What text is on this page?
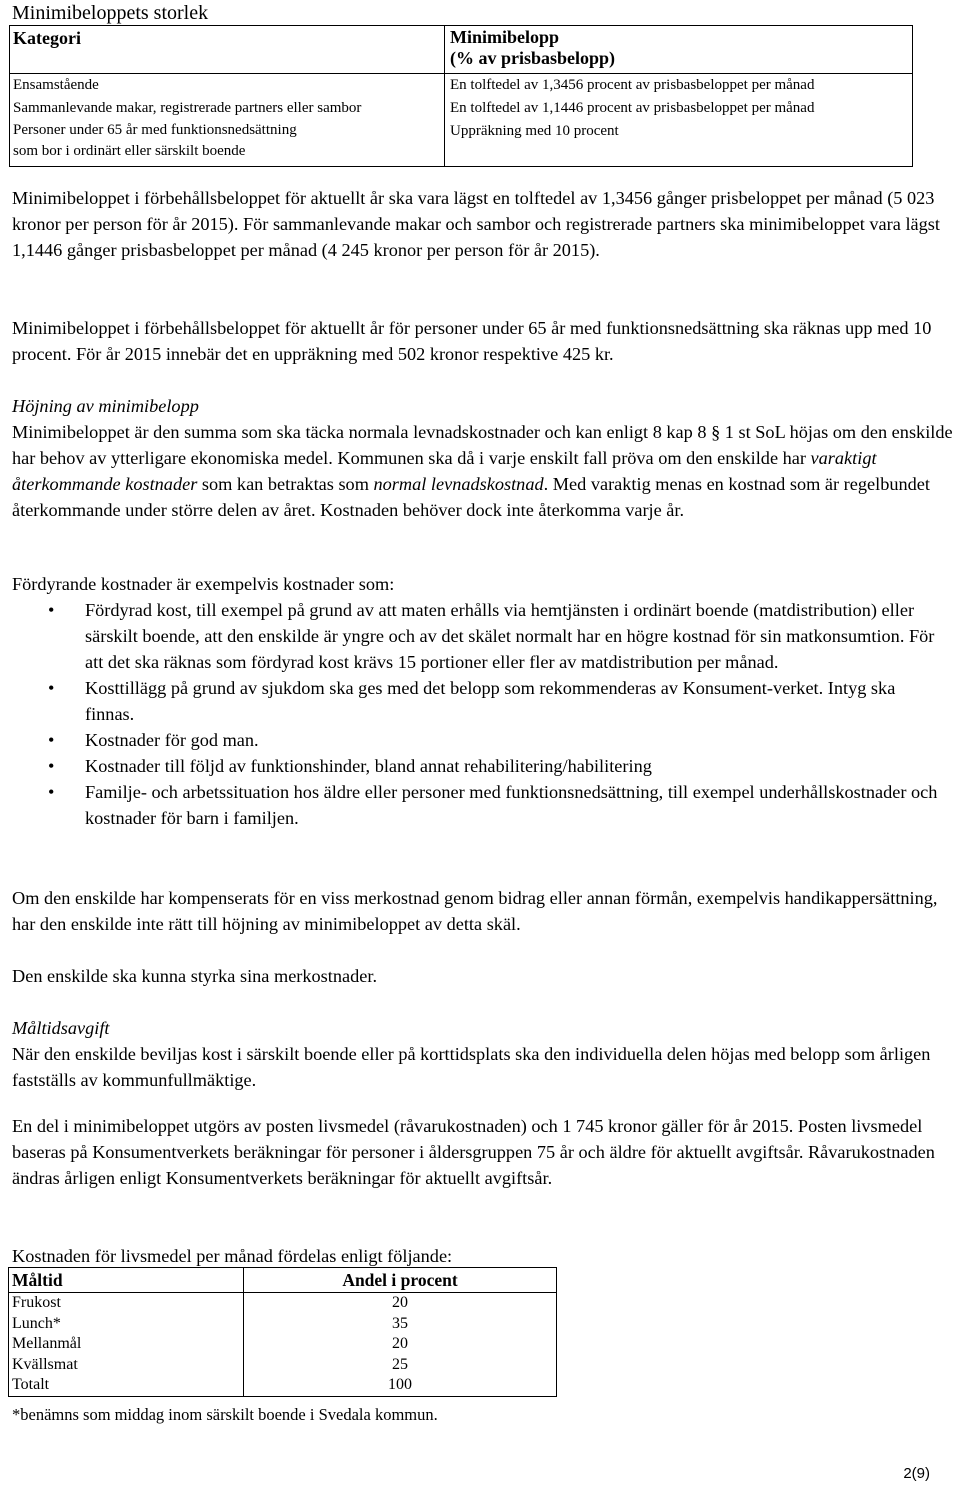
Minimibeloppets storlek
Kategori	Minimibelopp
(% av prisbasbelopp)

Ensamstående	En tolftedel av 1,3456 procent av prisbasbeloppet per månad
Sammanlevande makar, registrerade partners eller sambor	En tolftedel av 1,1446 procent av prisbasbeloppet per månad

Personer under 65 år med funktionsnedsättning
som bor i ordinärt eller särskilt boende	Uppräkning med 10 procent
Minimibeloppet i förbehållsbeloppet för aktuellt år ska vara lägst en tolftedel av 1,3456 gånger prisbeloppet per månad (5 023 kronor per person för år 2015). För sammanlevande makar och sambor och registrerade partners ska minimibeloppet vara lägst 1,1446 gånger prisbasbeloppet per månad (4 245 kronor per person för år 2015).
Minimibeloppet i förbehållsbeloppet för aktuellt år för personer under 65 år med funktionsnedsättning ska räknas upp med 10 procent. För år 2015 innebär det en uppräkning med 502 kronor respektive 425 kr.
Höjning av minimibelopp
Minimibeloppet är den summa som ska täcka normala levnadskostnader och kan enligt 8 kap 8 § 1 st SoL höjas om den enskilde har behov av ytterligare ekonomiska medel. Kommunen ska då i varje enskilt fall pröva om den enskilde har varaktigt återkommande kostnader som kan betraktas som normal levnadskostnad. Med varaktig menas en kostnad som är regelbundet återkommande under större delen av året. Kostnaden behöver dock inte återkomma varje år.
Fördyrande kostnader är exempelvis kostnader som:
• Fördyrad kost, till exempel på grund av att maten erhålls via hemtjänsten i ordinärt boende (matdistribution) eller särskilt boende, att den enskilde är yngre och av det skälet normalt har en högre kostnad för sin matkonsumtion. För att det ska räknas som fördyrad kost krävs 15 portioner eller fler av matdistribution per månad.
• Kosttillägg på grund av sjukdom ska ges med det belopp som rekommenderas av Konsument-verket. Intyg ska finnas.
• Kostnader för god man.
• Kostnader till följd av funktionshinder, bland annat rehabilitering/habilitering
• Familje- och arbetssituation hos äldre eller personer med funktionsnedsättning, till exempel underhållskostnader och kostnader för barn i familjen.
Om den enskilde har kompenserats för en viss merkostnad genom bidrag eller annan förmån, exempelvis handikappersättning, har den enskilde inte rätt till höjning av minimibeloppet av detta skäl.
Den enskilde ska kunna styrka sina merkostnader.
Måltidsavgift
När den enskilde beviljas kost i särskilt boende eller på korttidsplats ska den individuella delen höjas med belopp som årligen fastställs av kommunfullmäktige.
En del i minimibeloppet utgörs av posten livsmedel (råvarukostnaden) och 1 745 kronor gäller för år 2015. Posten livsmedel baseras på Konsumentverkets beräkningar för personer i åldersgruppen 75 år och äldre för aktuellt avgiftsår. Råvarukostnaden ändras årligen enligt Konsumentverkets beräkningar för aktuellt avgiftsår.
Kostnaden för livsmedel per månad fördelas enligt följande:
Måltid	Andel i procent
Frukost	20
Lunch*	35
Mellanmål	20
Kvällsmat	25
Totalt	100
*benämns som middag inom särskilt boende i Svedala kommun.
2(9)
